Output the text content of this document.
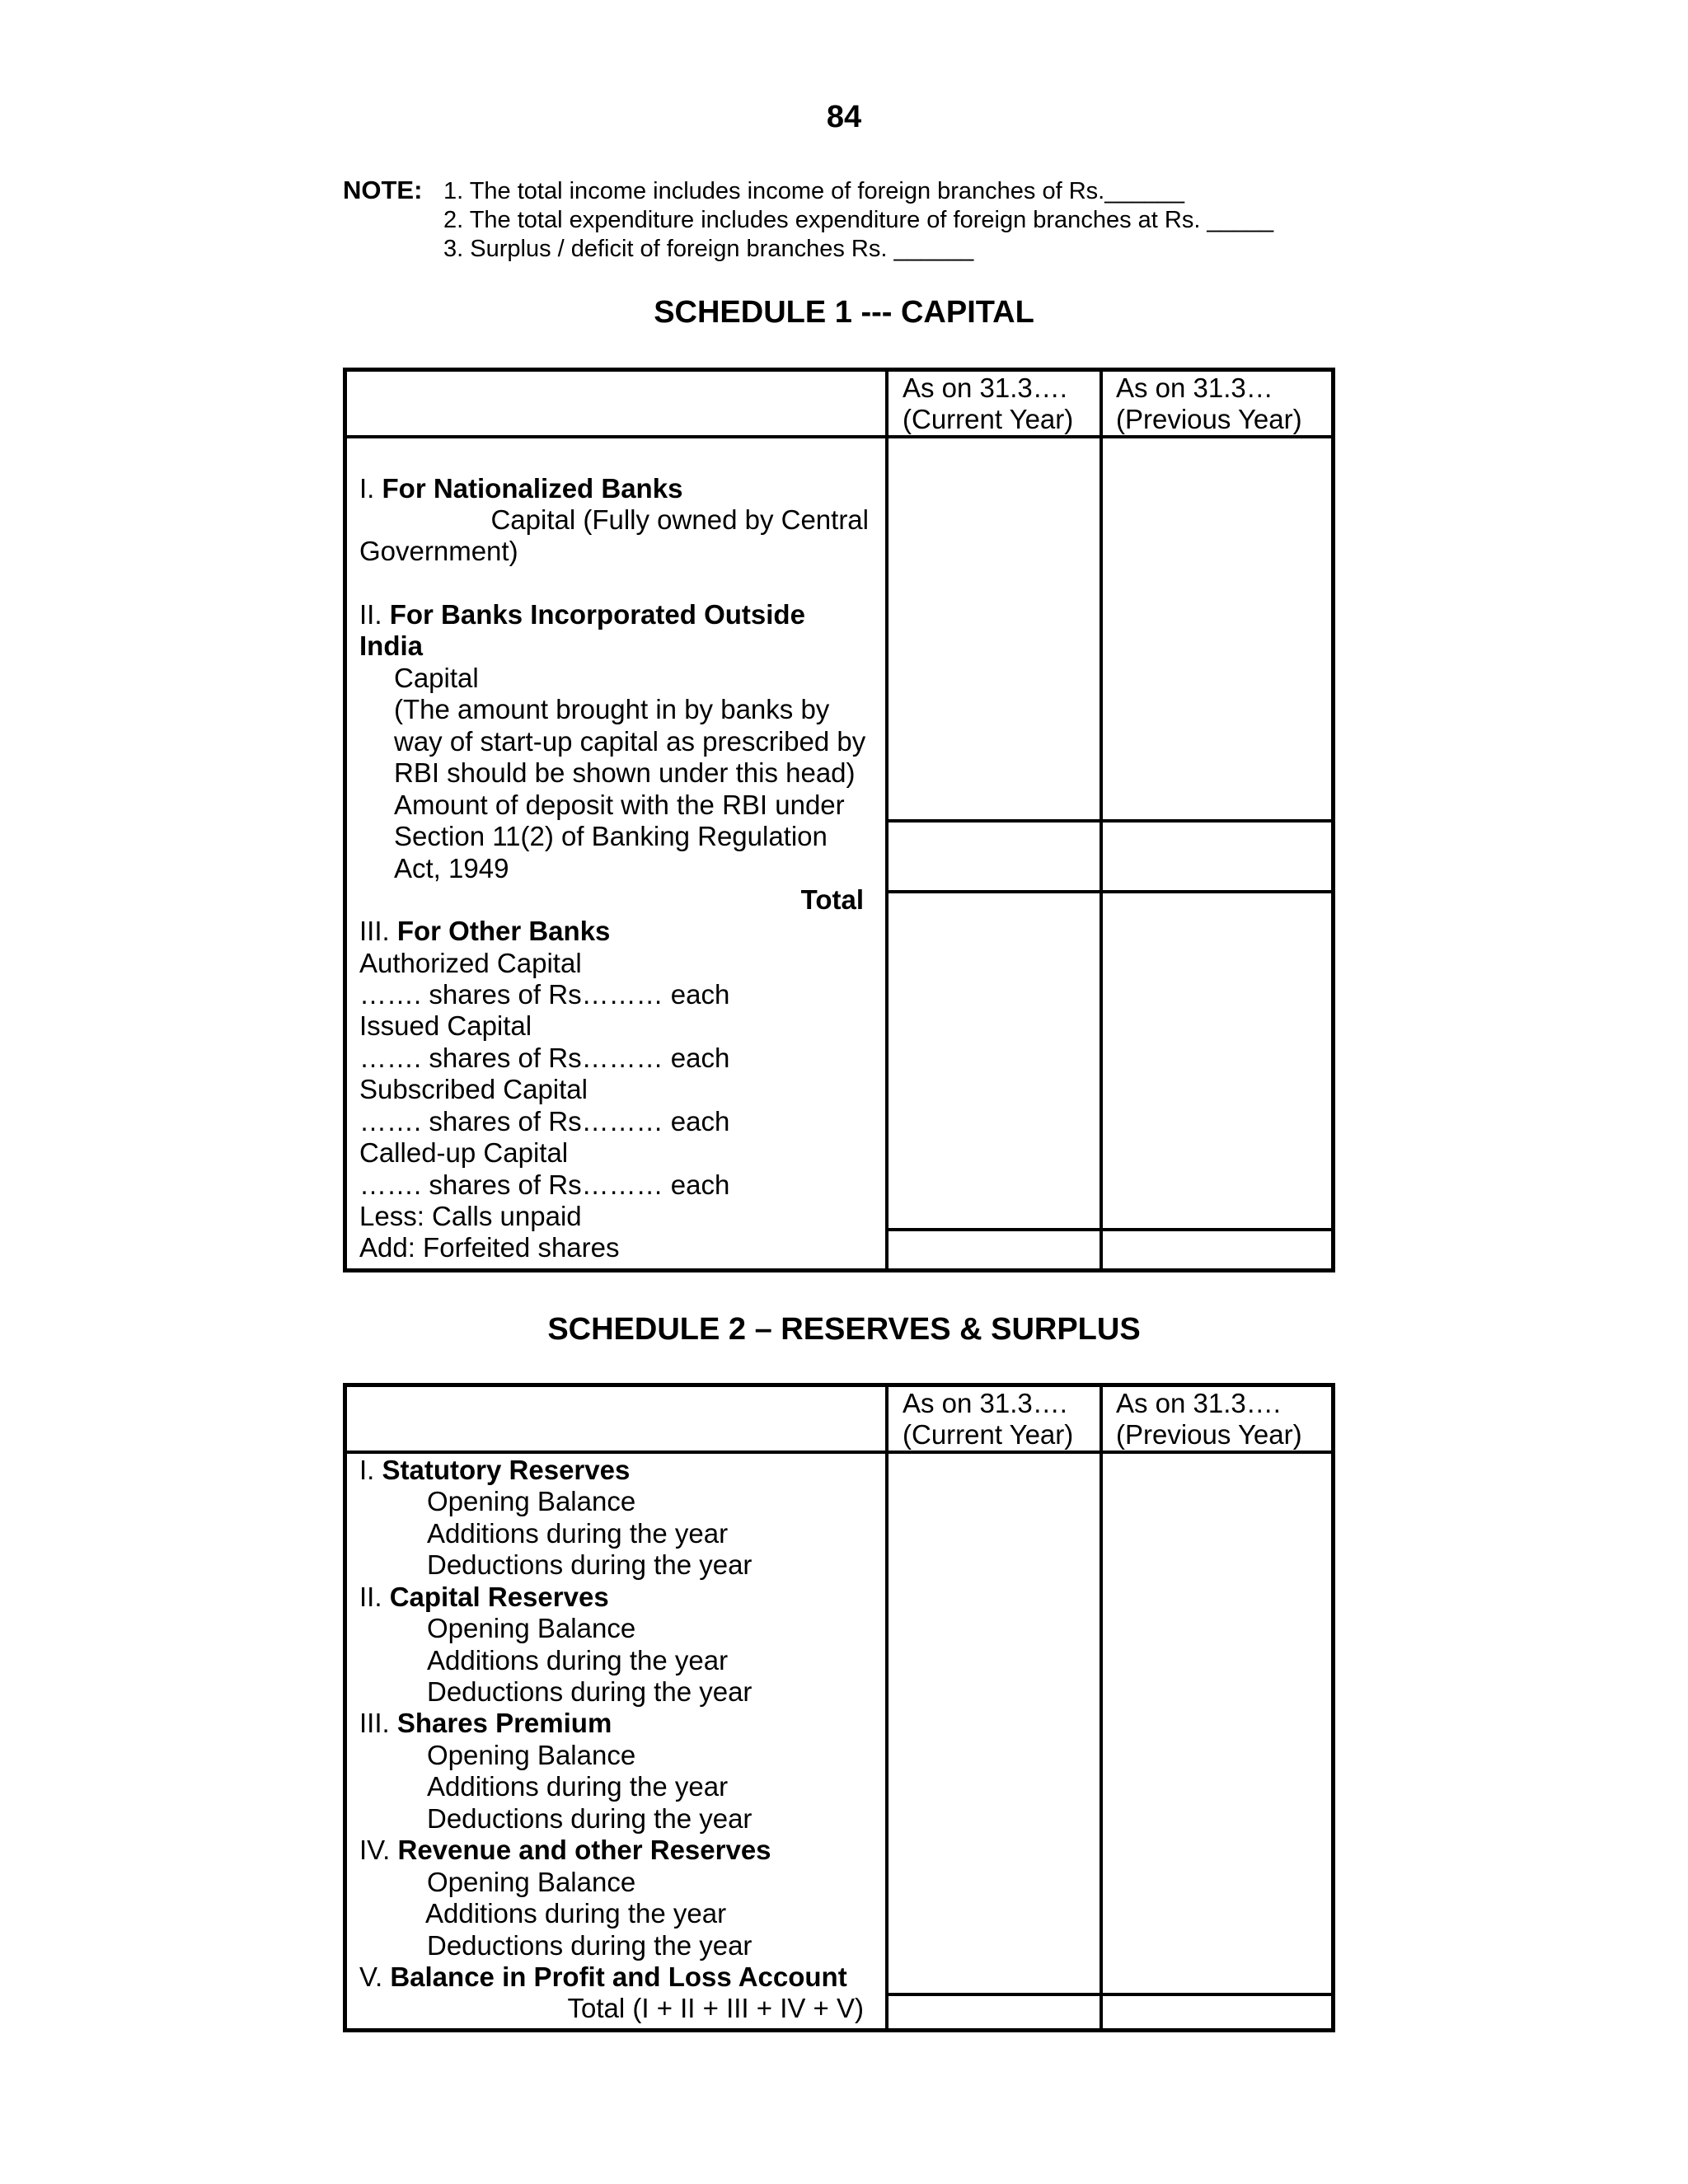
84
NOTE: 1. The total income includes income of foreign branches of Rs.______
2. The total expenditure includes expenditure of foreign branches at Rs. _____
3. Surplus / deficit of foreign branches Rs. ______
SCHEDULE 1 --- CAPITAL
As on 31.3….
(Current Year)
As on 31.3…
(Previous Year)
I. For Nationalized Banks
Capital (Fully owned by Central
Government)
II. For Banks Incorporated Outside
India
Capital
(The amount brought in by banks by
way of start-up capital as prescribed by
RBI should be shown under this head)
Amount of deposit with the RBI under
Section 11(2) of Banking Regulation
Act, 1949
Total
III. For Other Banks
Authorized Capital
……. shares of Rs……… each
Issued Capital
……. shares of Rs……… each
Subscribed Capital
……. shares of Rs……… each
Called-up Capital
……. shares of Rs……… each
Less: Calls unpaid
Add: Forfeited shares
SCHEDULE 2 – RESERVES & SURPLUS
As on 31.3….
(Current Year)
As on 31.3….
(Previous Year)
I. Statutory Reserves
Opening Balance
Additions during the year
Deductions during the year
II. Capital Reserves
Opening Balance
Additions during the year
Deductions during the year
III. Shares Premium
Opening Balance
Additions during the year
Deductions during the year
IV. Revenue and other Reserves
Opening Balance
Additions during the year
Deductions during the year
V. Balance in Profit and Loss Account
Total (I + II + III + IV + V)
